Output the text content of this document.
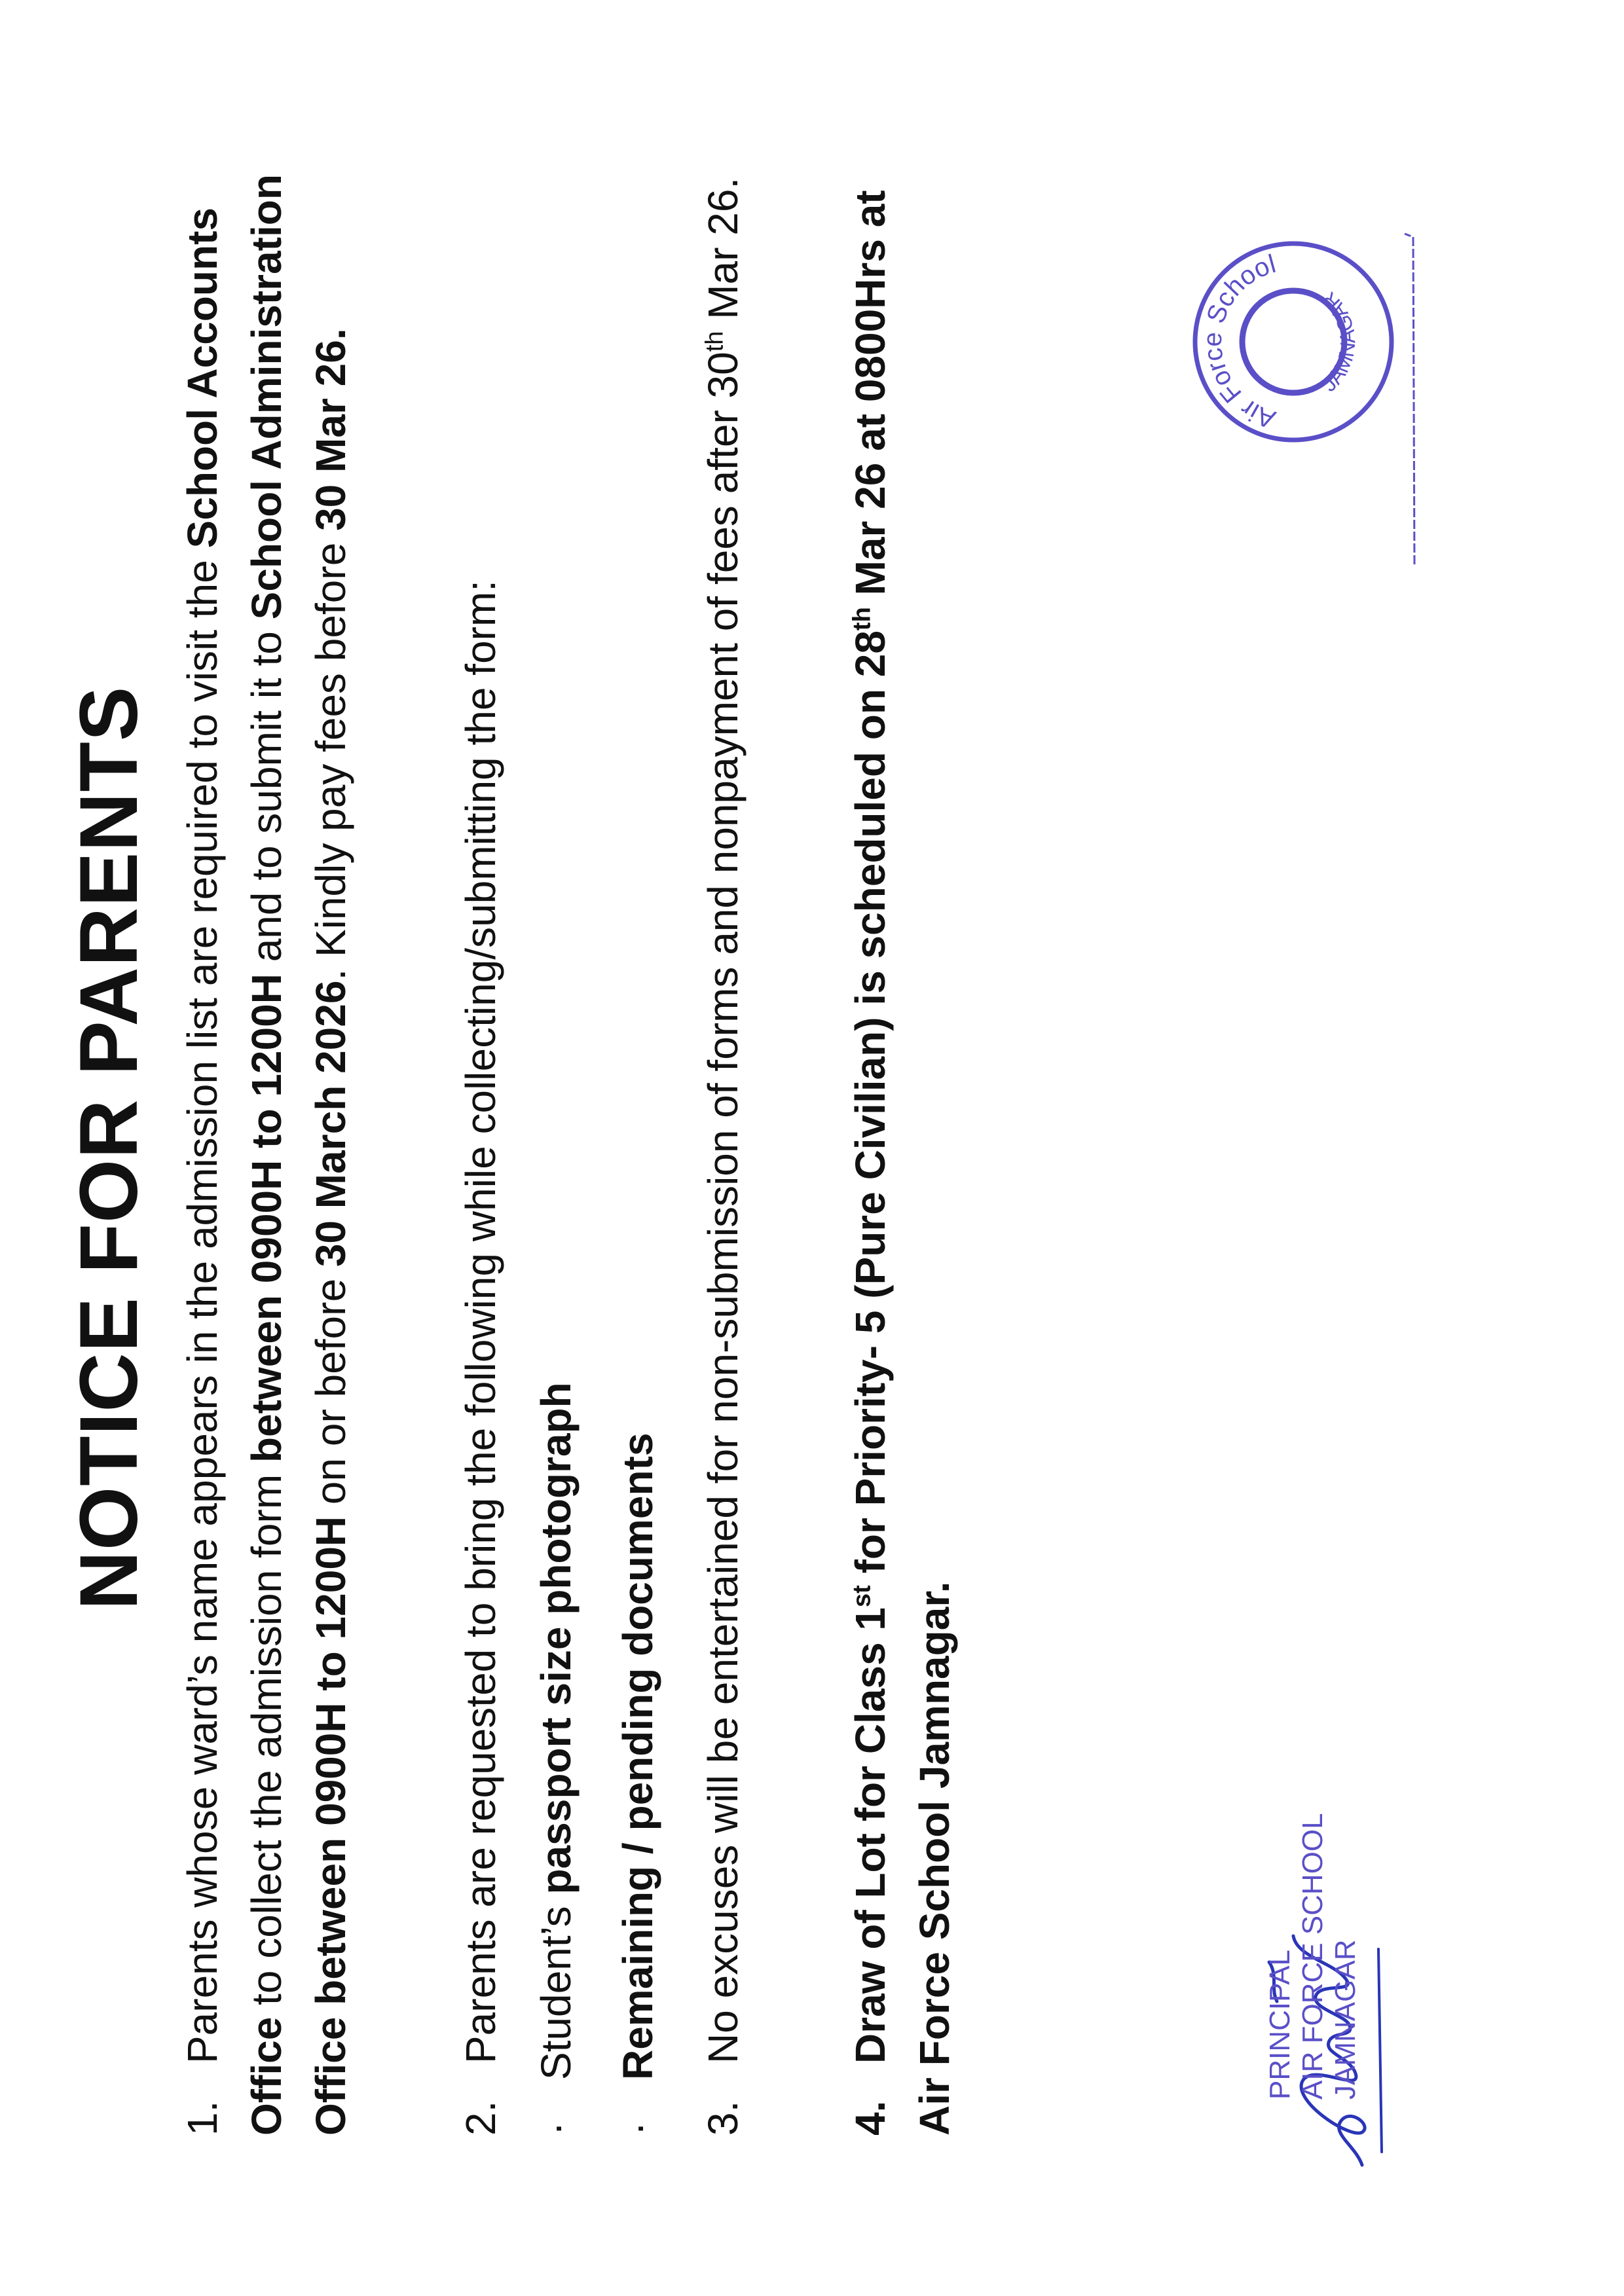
NOTICE FOR PARENTS

1.Parents whose ward’s name appears in the admission list are required to visit the School Accounts Office to collect the admission form between 0900H to 1200H and to submit it to School Administration Office between 0900H to 1200H on or before 30 March 2026. Kindly pay fees before 30 Mar 26.

2.Parents are requested to bring the following while collecting/submitting the form:

·Student’s passport size photograph
·Remaining / pending documents

3.No excuses will be entertained for non-submission of forms and nonpayment of fees after 30th Mar 26.

4.Draw of Lot for Class 1st for Priority- 5 (Pure Civilian) is scheduled on 28th Mar 26 at 0800Hrs at Air Force School Jamnagar.	PRINCIPAL AIR FORCE SCHOOL JAMNAGAR
Air Force School
JAMNAGAR
